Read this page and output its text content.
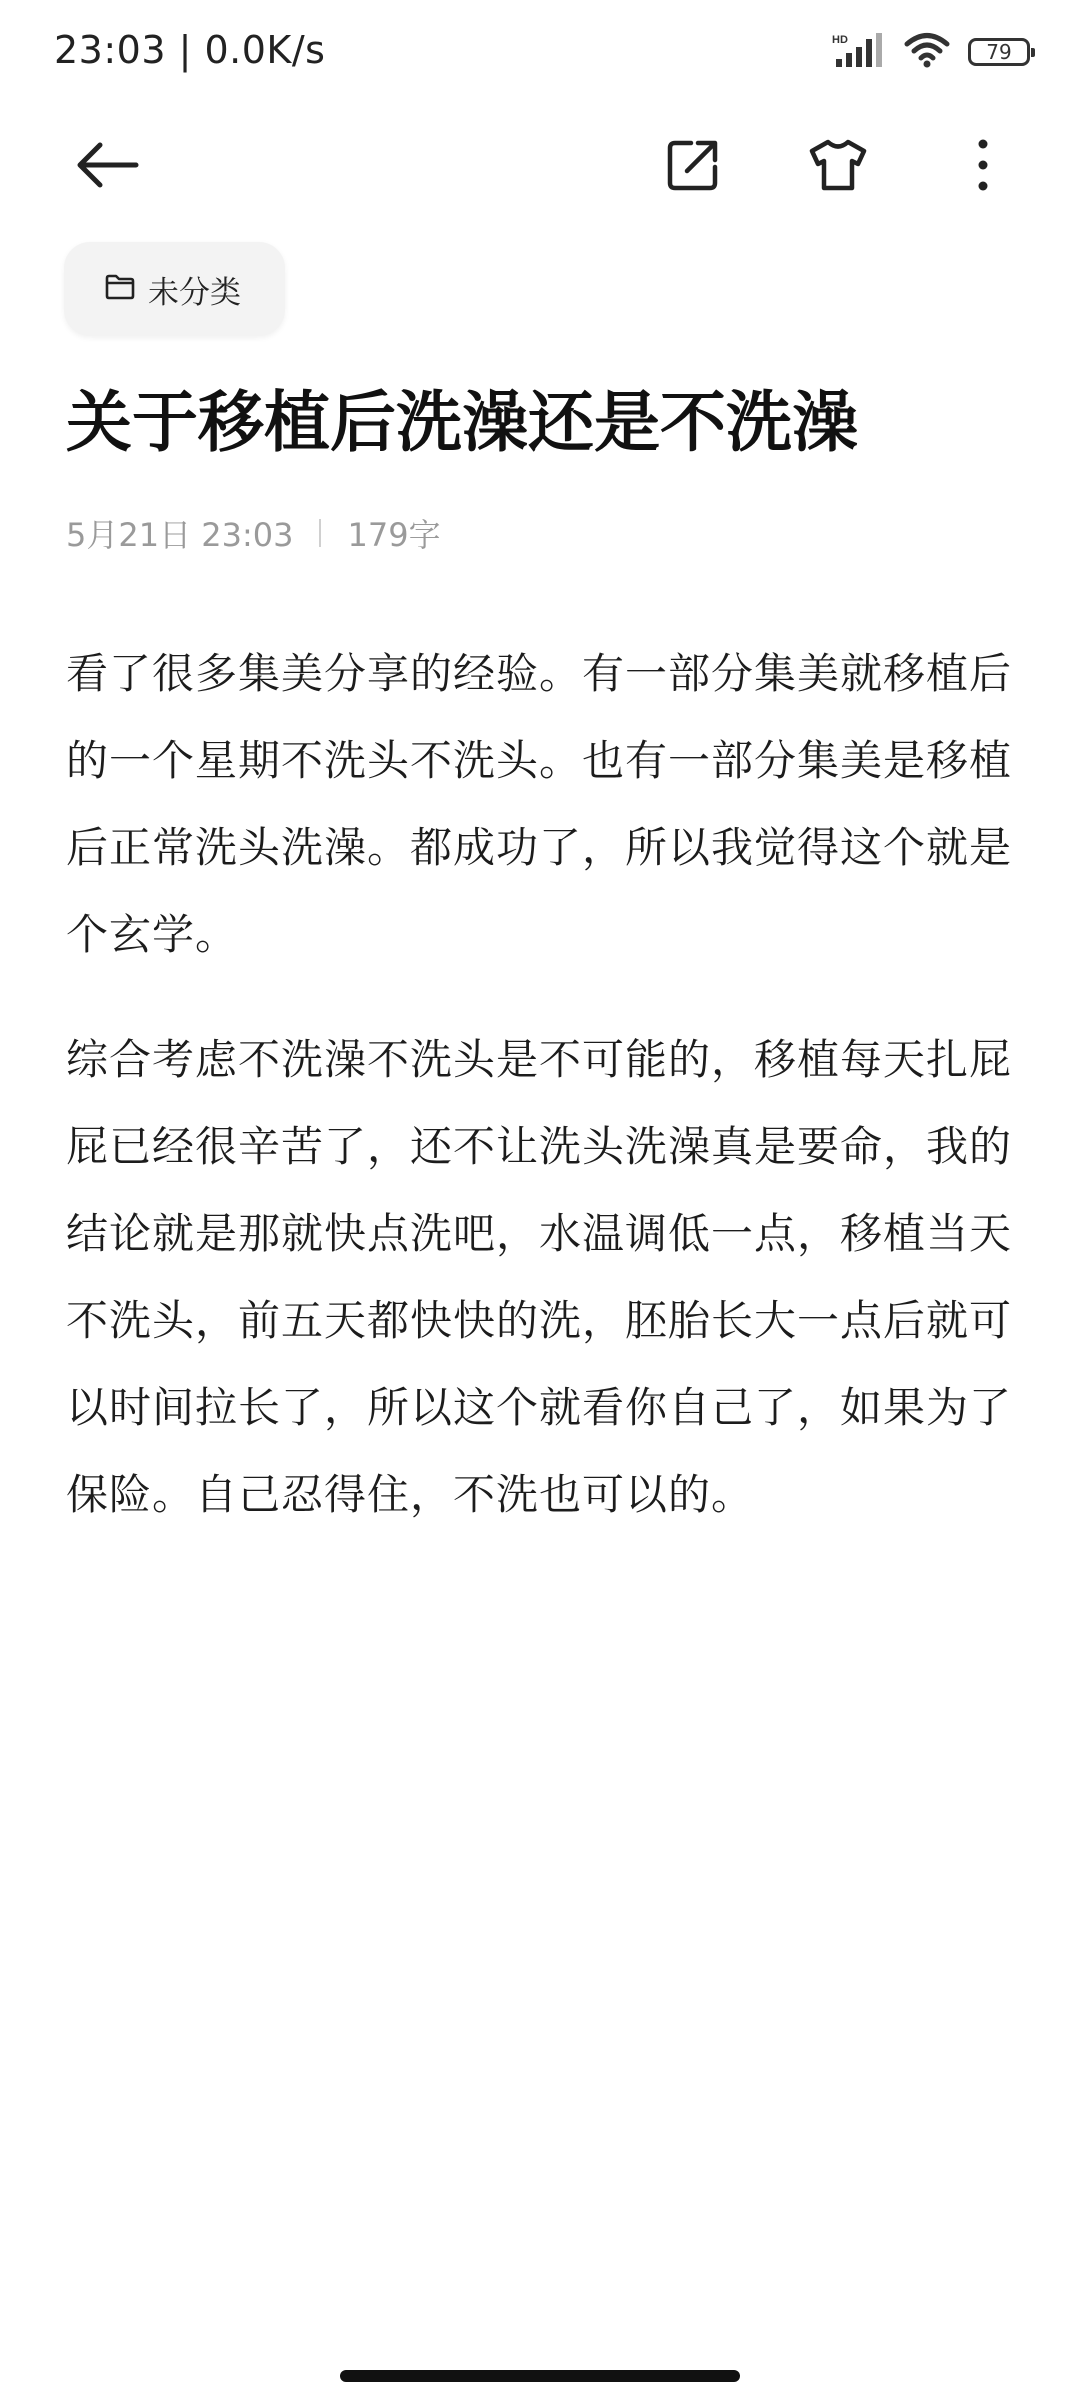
23:03 | 0.0K/s	HD	79
未分类
关于移植后洗澡还是不洗澡
5月21日 23:03 179字

看了很多集美分享的经验。有一部分集美就移植后的一个星期不洗头不洗头。也有一部分集美是移植后正常洗头洗澡。都成功了，所以我觉得这个就是个玄学。

综合考虑不洗澡不洗头是不可能的，移植每天扎屁屁已经很辛苦了，还不让洗头洗澡真是要命，我的结论就是那就快点洗吧，水温调低一点，移植当天不洗头，前五天都快快的洗，胚胎长大一点后就可以时间拉长了，所以这个就看你自己了，如果为了保险。自己忍得住，不洗也可以的。
